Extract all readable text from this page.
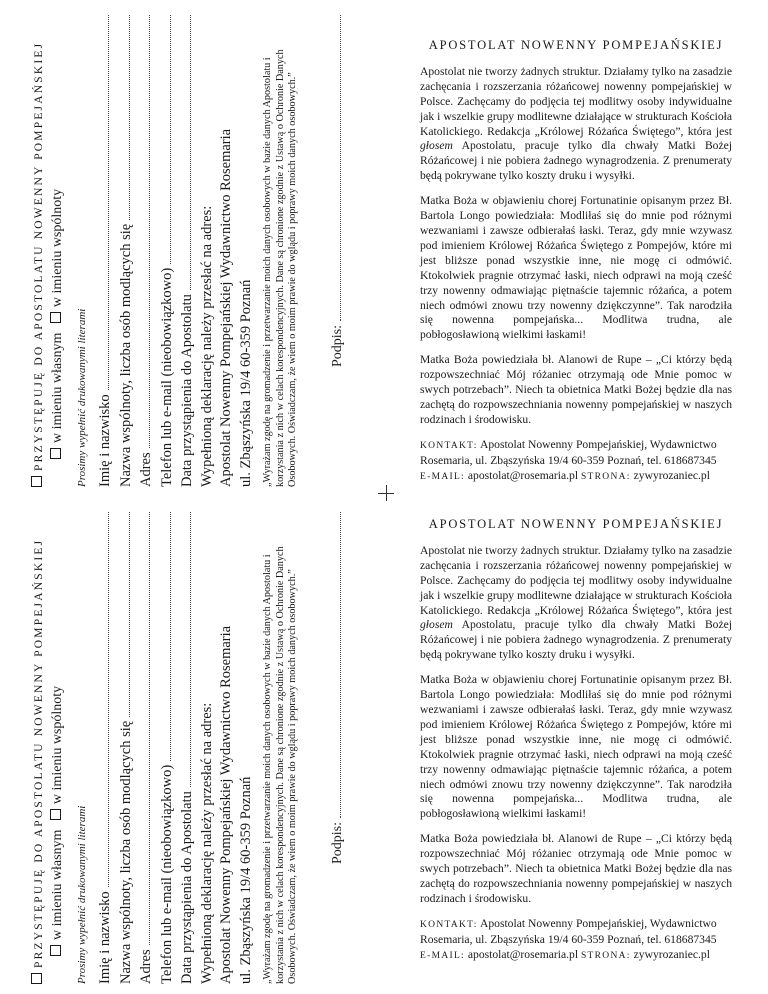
PRZYSTĘPUJĘ DO APOSTOLATU NOWENNY POMPEJAŃSKIEJ w imieniu własnym w imieniu wspólnoty
Prosimy wypełnić drukowanymi literami Imię i nazwisko Nazwa wspólnoty, liczba osób modlących się Adres Telefon lub e-mail (nieobowiązkowo) Data przystąpienia do Apostolatu Wypełnioną deklarację należy przesłać na adres: Apostolat Nowenny Pompejańskiej Wydawnictwo Rosemaria ul. Zbąszyńska 19/4 60-359 Poznań „Wyrażam zgodę na gromadzenie i przetwarzanie moich danych osobowych w bazie danych Apostolatu i korzystania z nich w celach korespondencyjnych. Dane są chronione zgodnie z Ustawą o Ochronie Danych Osobowych. Oświadczam, że wiem o moim prawie do wglądu i poprawy moich danych osobowych.” Podpis:
APOSTOLAT NOWENNY POMPEJAŃSKIEJ

Apostolat nie tworzy żadnych struktur. Działamy tylko na zasadzie zachęcania i rozszerzania różańcowej nowenny pompejańskiej w Polsce. Zachęcamy do podjęcia tej modlitwy osoby indywidualne jak i wszelkie grupy modlitewne działające w strukturach Kościoła Katolickiego. Redakcja „Królowej Różańca Świętego”, która jest głosem Apostolatu, pracuje tylko dla chwały Matki Bożej Różańcowej i nie pobiera żadnego wynagrodzenia. Z prenumeraty będą pokrywane tylko koszty druku i wysyłki.

Matka Boża w objawieniu chorej Fortunatinie opisanym przez Bł. Bartola Longo powiedziała: Modliłaś się do mnie pod różnymi wezwaniami i zawsze odbierałaś łaski. Teraz, gdy mnie wzywasz pod imieniem Królowej Różańca Świętego z Pompejów, które mi jest bliższe ponad wszystkie inne, nie mogę ci odmówić. Ktokolwiek pragnie otrzymać łaski, niech odprawi na moją cześć trzy nowenny odmawiając piętnaście tajemnic różańca, a potem niech odmówi znowu trzy nowenny dziękczynne”. Tak narodziła się nowenna pompejańska... Modlitwa trudna, ale pobłogosławioną wielkimi łaskami!

Matka Boża powiedziała bł. Alanowi de Rupe – „Ci którzy będą rozpowszechniać Mój różaniec otrzymają ode Mnie pomoc w swych potrzebach”. Niech ta obietnica Matki Bożej będzie dla nas zachętą do rozpowszechniania nowenny pompejańskiej w naszych rodzinach i środowisku.

KONTAKT: Apostolat Nowenny Pompejańskiej, Wydawnictwo Rosemaria, ul. Zbąszyńska 19/4 60-359 Poznań, tel. 618687345
E-MAIL: apostolat@rosemaria.pl STRONA: zywyrozaniec.pl

PRZYSTĘPUJĘ DO APOSTOLATU NOWENNY POMPEJAŃSKIEJ w imieniu własnym w imieniu wspólnoty
Prosimy wypełnić drukowanymi literami Imię i nazwisko Nazwa wspólnoty, liczba osób modlących się Adres Telefon lub e-mail (nieobowiązkowo) Data przystąpienia do Apostolatu Wypełnioną deklarację należy przesłać na adres: Apostolat Nowenny Pompejańskiej Wydawnictwo Rosemaria ul. Zbąszyńska 19/4 60-359 Poznań „Wyrażam zgodę na gromadzenie i przetwarzanie moich danych osobowych w bazie danych Apostolatu i korzystania z nich w celach korespondencyjnych. Dane są chronione zgodnie z Ustawą o Ochronie Danych Osobowych. Oświadczam, że wiem o moim prawie do wglądu i poprawy moich danych osobowych.” Podpis:
APOSTOLAT NOWENNY POMPEJAŃSKIEJ

Apostolat nie tworzy żadnych struktur. Działamy tylko na zasadzie zachęcania i rozszerzania różańcowej nowenny pompejańskiej w Polsce. Zachęcamy do podjęcia tej modlitwy osoby indywidualne jak i wszelkie grupy modlitewne działające w strukturach Kościoła Katolickiego. Redakcja „Królowej Różańca Świętego”, która jest głosem Apostolatu, pracuje tylko dla chwały Matki Bożej Różańcowej i nie pobiera żadnego wynagrodzenia. Z prenumeraty będą pokrywane tylko koszty druku i wysyłki.

Matka Boża w objawieniu chorej Fortunatinie opisanym przez Bł. Bartola Longo powiedziała: Modliłaś się do mnie pod różnymi wezwaniami i zawsze odbierałaś łaski. Teraz, gdy mnie wzywasz pod imieniem Królowej Różańca Świętego z Pompejów, które mi jest bliższe ponad wszystkie inne, nie mogę ci odmówić. Ktokolwiek pragnie otrzymać łaski, niech odprawi na moją cześć trzy nowenny odmawiając piętnaście tajemnic różańca, a potem niech odmówi znowu trzy nowenny dziękczynne”. Tak narodziła się nowenna pompejańska... Modlitwa trudna, ale pobłogosławioną wielkimi łaskami!

Matka Boża powiedziała bł. Alanowi de Rupe – „Ci którzy będą rozpowszechniać Mój różaniec otrzymają ode Mnie pomoc w swych potrzebach”. Niech ta obietnica Matki Bożej będzie dla nas zachętą do rozpowszechniania nowenny pompejańskiej w naszych rodzinach i środowisku.

KONTAKT: Apostolat Nowenny Pompejańskiej, Wydawnictwo Rosemaria, ul. Zbąszyńska 19/4 60-359 Poznań, tel. 618687345
E-MAIL: apostolat@rosemaria.pl STRONA: zywyrozaniec.pl
